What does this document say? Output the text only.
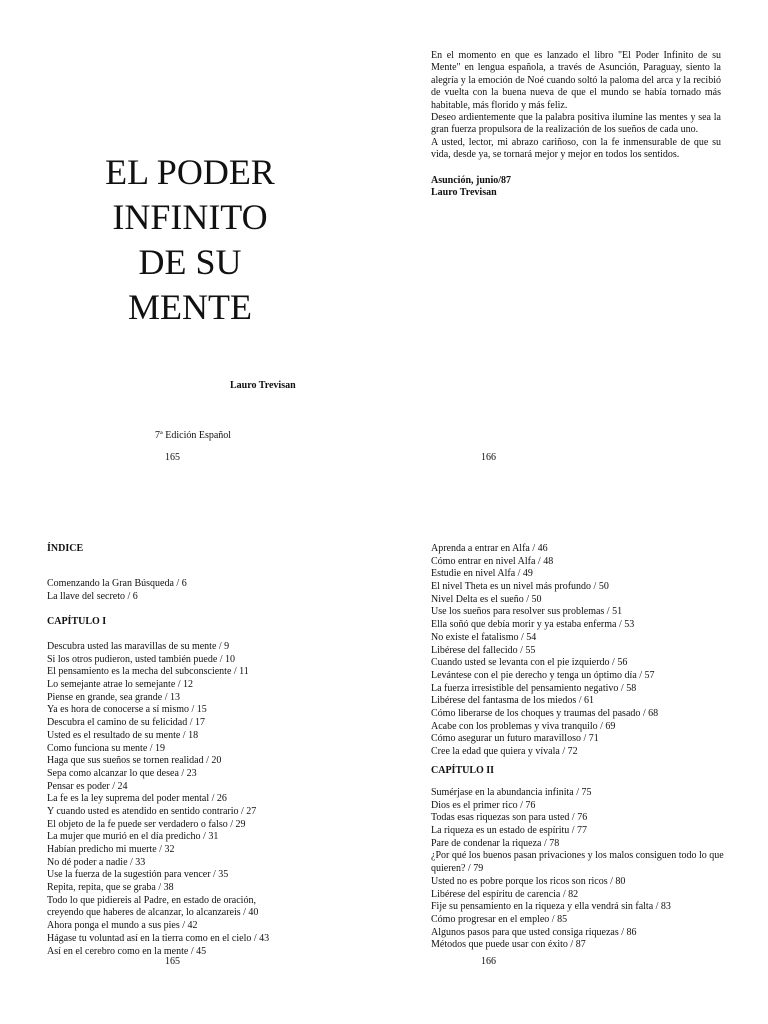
EL PODER
INFINITO
DE SU
MENTE
Lauro Trevisan
7ª Edición Español
165

En el momento en que es lanzado el libro "El Poder Infinito de su Mente" en lengua española, a través de Asunción, Paraguay, siento la alegría y la emoción de Noé cuando soltó la paloma del arca y la recibió de vuelta con la buena nueva de que el mundo se había tornado más habitable, más florido y más feliz.

Deseo ardientemente que la palabra positiva ilumine las mentes y sea la gran fuerza propulsora de la realización de los sueños de cada uno.

A usted, lector, mi abrazo cariñoso, con la fe inmensurable de que su vida, desde ya, se tornará mejor y mejor en todos los sentidos.

Asunción, junio/87
Lauro Trevisan
166
ÍNDICE
Comenzando la Gran Búsqueda / 6
La llave del secreto / 6
CAPÍTULO I
Descubra usted las maravillas de su mente / 9
Si los otros pudieron, usted también puede / 10
El pensamiento es la mecha del subconsciente / 11
Lo semejante atrae lo semejante / 12
Piense en grande, sea grande / 13
Ya es hora de conocerse a sí mismo / 15
Descubra el camino de su felicidad / 17
Usted es el resultado de su mente / 18
Como funciona su mente / 19
Haga que sus sueños se tornen realidad / 20
Sepa como alcanzar lo que desea / 23
Pensar es poder / 24
La fe es la ley suprema del poder mental / 26
Y cuando usted es atendido en sentido contrario / 27
El objeto de la fe puede ser verdadero o falso / 29
La mujer que murió en el día predicho / 31
Habían predicho mi muerte / 32
No dé poder a nadie / 33
Use la fuerza de la sugestión para vencer / 35
Repita, repita, que se graba / 38
Todo lo que pidiereis al Padre, en estado de oración,
creyendo que haberes de alcanzar, lo alcanzareis / 40
Ahora ponga el mundo a sus pies / 42
Hágase tu voluntad así en la tierra como en el cielo / 43
Así en el cerebro como en la mente / 45
165
Aprenda a entrar en Alfa / 46
Cómo entrar en nivel Alfa / 48
Estudie en nivel Alfa / 49
El nivel Theta es un nivel más profundo / 50
Nivel Delta es el sueño / 50
Use los sueños para resolver sus problemas / 51
Ella soñó que debía morir y ya estaba enferma / 53
No existe el fatalismo / 54
Libérese del fallecido / 55
Cuando usted se levanta con el pie izquierdo / 56
Levántese con el pie derecho y tenga un óptimo día / 57
La fuerza irresistible del pensamiento negativo / 58
Libérese del fantasma de los miedos / 61
Cómo liberarse de los choques y traumas del pasado / 68
Acabe con los problemas y viva tranquilo / 69
Cómo asegurar un futuro maravilloso / 71
Cree la edad que quiera y vívala / 72
CAPÍTULO II
Sumérjase en la abundancia infinita / 75
Dios es el primer rico / 76
Todas esas riquezas son para usted / 76
La riqueza es un estado de espíritu / 77
Pare de condenar la riqueza / 78
¿Por qué los buenos pasan privaciones y los malos consiguen todo lo que quieren? / 79
Usted no es pobre porque los ricos son ricos / 80
Libérese del espíritu de carencia / 82
Fije su pensamiento en la riqueza y ella vendrá sin falta / 83
Cómo progresar en el empleo / 85
Algunos pasos para que usted consiga riquezas / 86
Métodos que puede usar con éxito / 87
166
